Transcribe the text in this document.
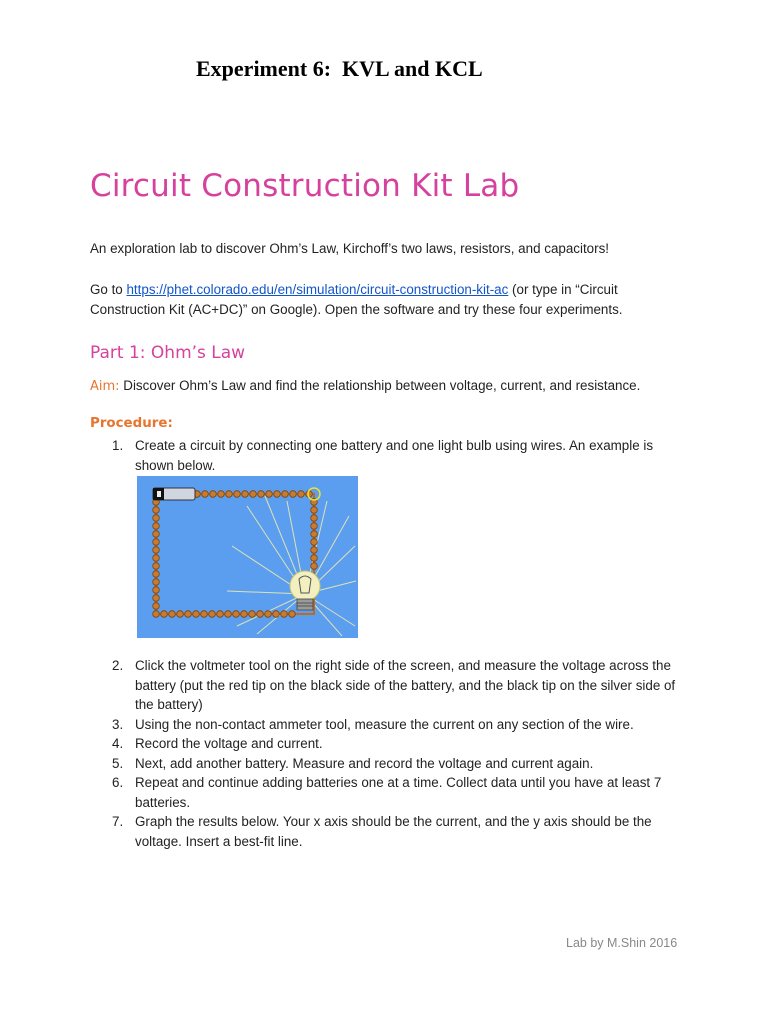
Experiment 6:  KVL and KCL
Circuit Construction Kit Lab
An exploration lab to discover Ohm’s Law, Kirchoff’s two laws, resistors, and capacitors!
Go to https://phet.colorado.edu/en/simulation/circuit-construction-kit-ac (or type in “Circuit Construction Kit (AC+DC)” on Google). Open the software and try these four experiments.
Part 1: Ohm’s Law
Aim: Discover Ohm’s Law and find the relationship between voltage, current, and resistance.
Procedure:
1. Create a circuit by connecting one battery and one light bulb using wires. An example is shown below.
2. Click the voltmeter tool on the right side of the screen, and measure the voltage across the battery (put the red tip on the black side of the battery, and the black tip on the silver side of the battery)
3. Using the non-contact ammeter tool, measure the current on any section of the wire.
4. Record the voltage and current.
5. Next, add another battery. Measure and record the voltage and current again.
6. Repeat and continue adding batteries one at a time. Collect data until you have at least 7 batteries.
7. Graph the results below. Your x axis should be the current, and the y axis should be the voltage. Insert a best-fit line.
Lab by M.Shin 2016
